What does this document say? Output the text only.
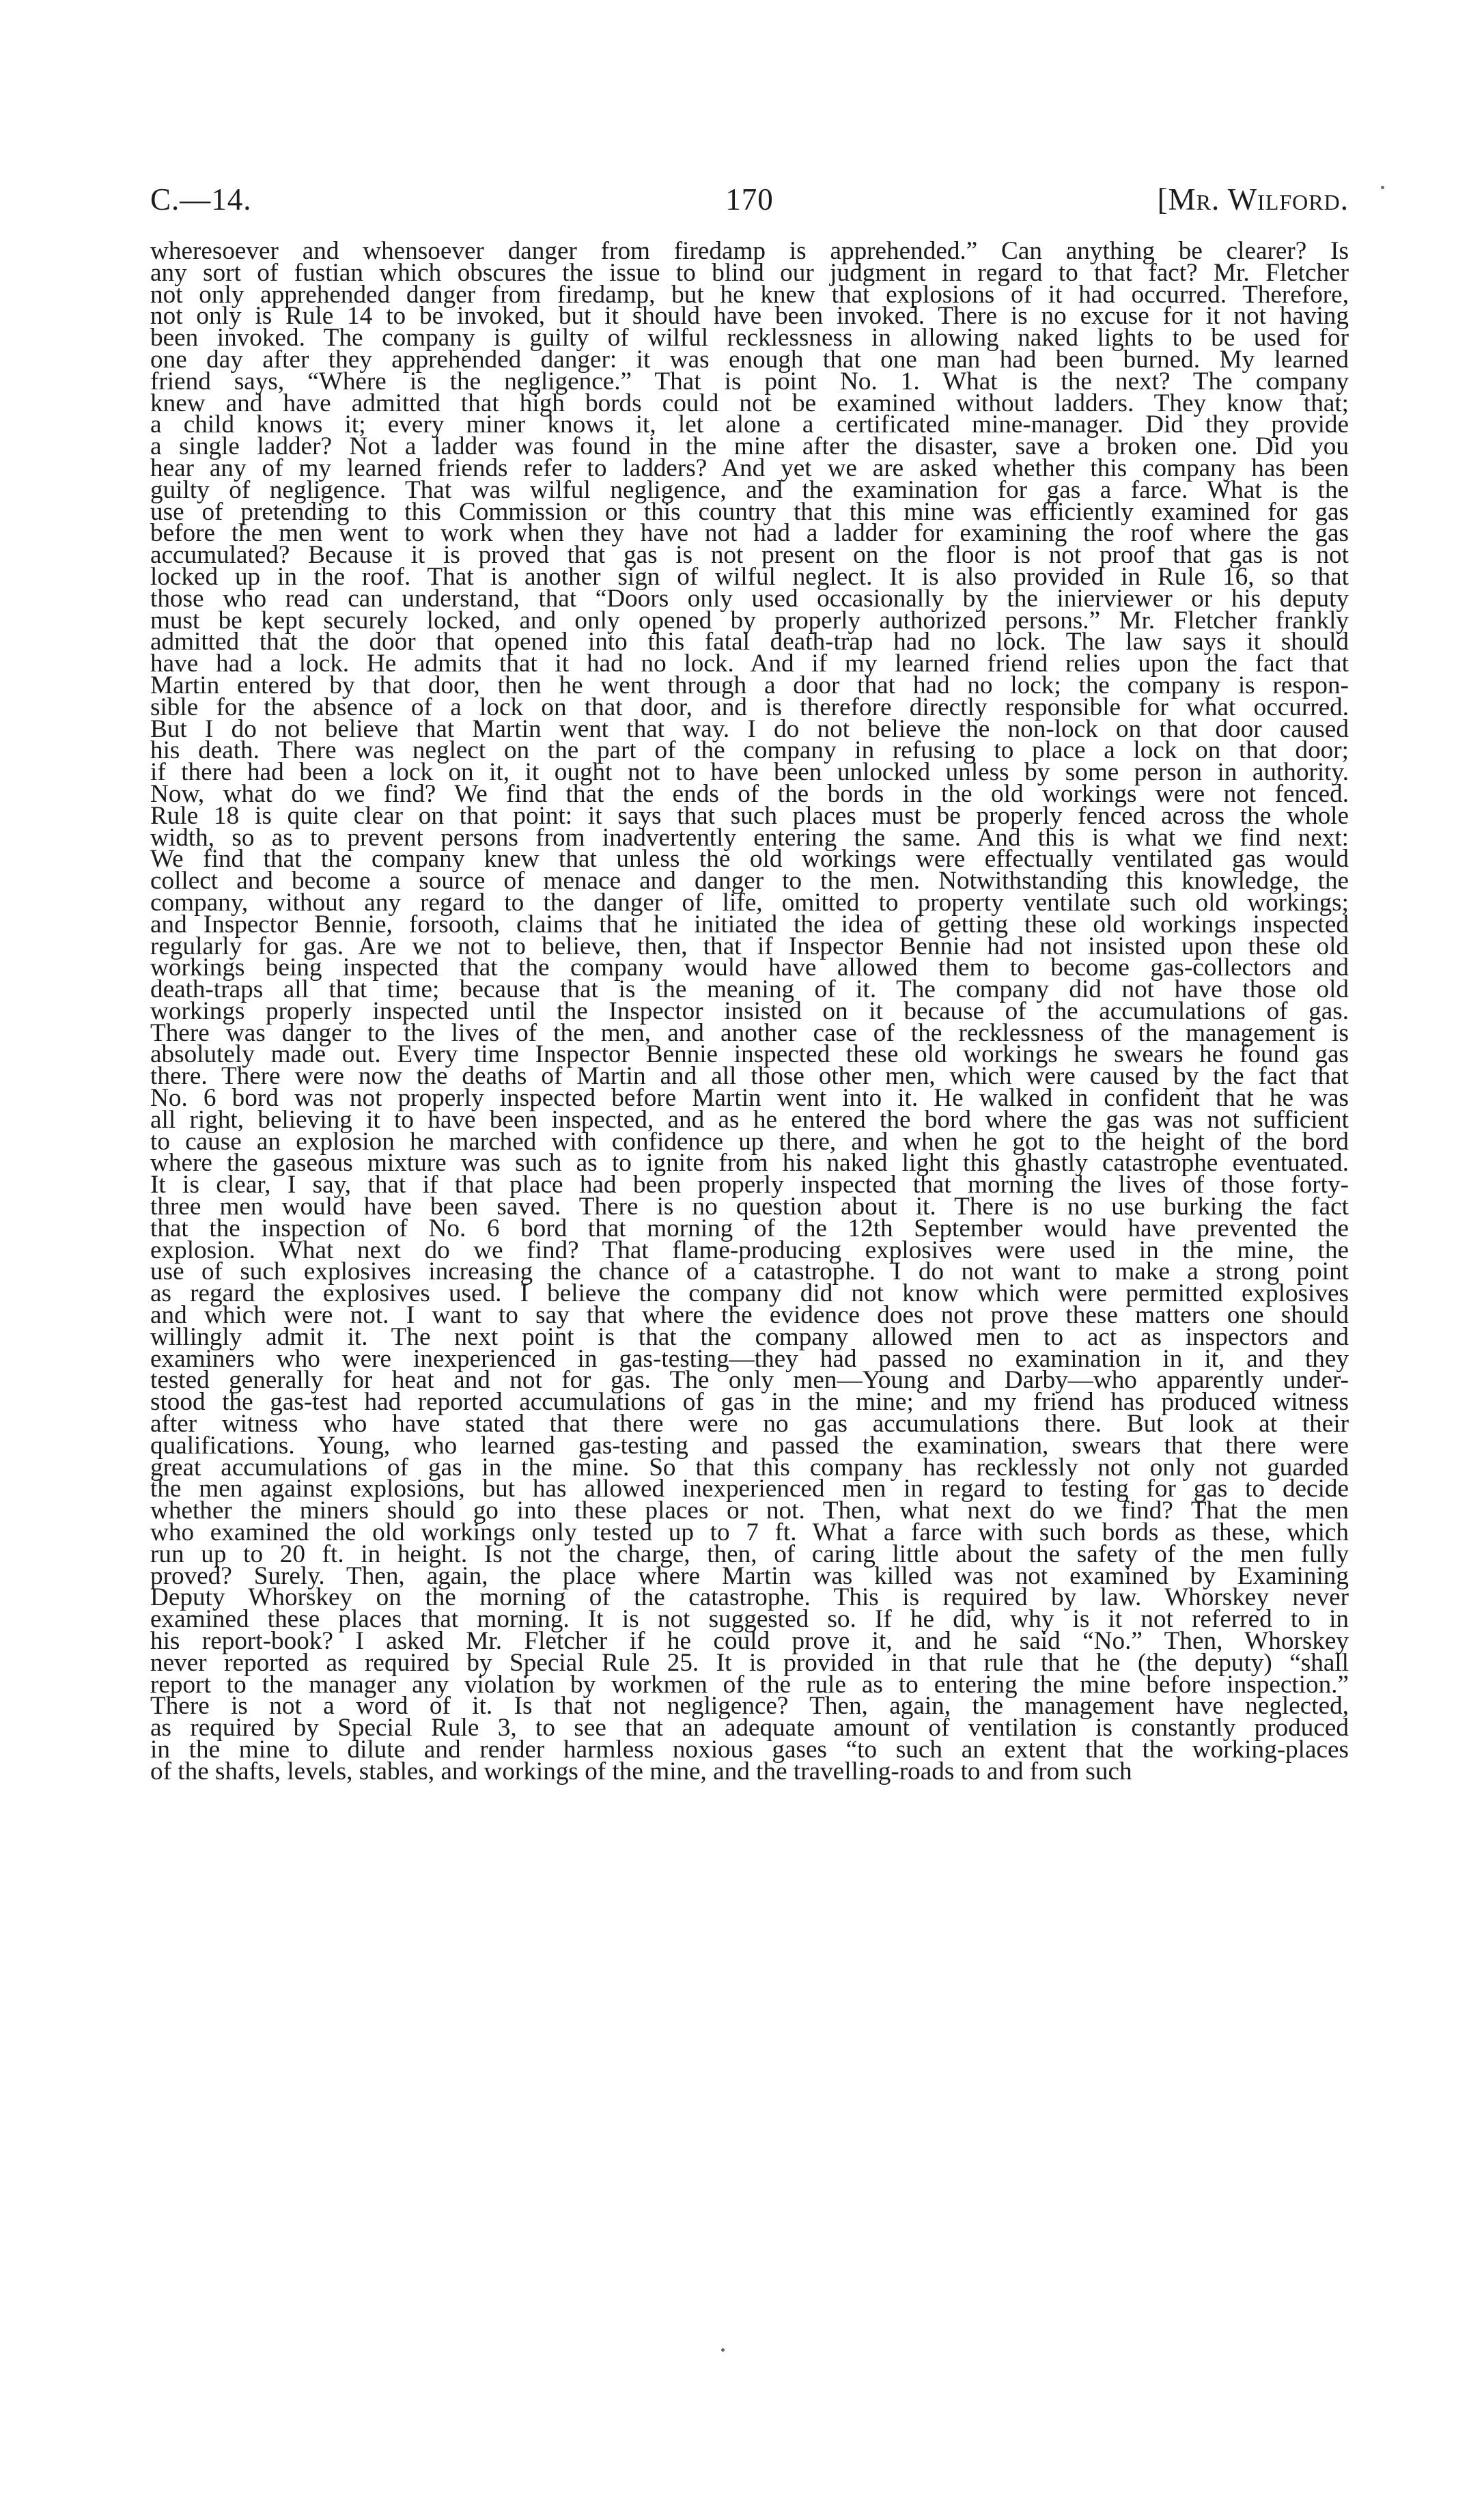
C.—14.	170	[Mr. Wilford.
wheresoever and whensoever danger from firedamp is apprehended.” Can anything be clearer? Is
any sort of fustian which obscures the issue to blind our judgment in regard to that fact? Mr. Fletcher
not only apprehended danger from firedamp, but he knew that explosions of it had occurred. Therefore,
not only is Rule 14 to be invoked, but it should have been invoked. There is no excuse for it not having
been invoked. The company is guilty of wilful recklessness in allowing naked lights to be used for
one day after they apprehended danger: it was enough that one man had been burned. My learned
friend says, “Where is the negligence.” That is point No. 1. What is the next? The company
knew and have admitted that high bords could not be examined without ladders. They know that;
a child knows it; every miner knows it, let alone a certificated mine-manager. Did they provide
a single ladder? Not a ladder was found in the mine after the disaster, save a broken one. Did you
hear any of my learned friends refer to ladders? And yet we are asked whether this company has been
guilty of negligence. That was wilful negligence, and the examination for gas a farce. What is the
use of pretending to this Commission or this country that this mine was efficiently examined for gas
before the men went to work when they have not had a ladder for examining the roof where the gas
accumulated? Because it is proved that gas is not present on the floor is not proof that gas is not
locked up in the roof. That is another sign of wilful neglect. It is also provided in Rule 16, so that
those who read can understand, that “Doors only used occasionally by the inierviewer or his deputy
must be kept securely locked, and only opened by properly authorized persons.” Mr. Fletcher frankly
admitted that the door that opened into this fatal death-trap had no lock. The law says it should
have had a lock. He admits that it had no lock. And if my learned friend relies upon the fact that
Martin entered by that door, then he went through a door that had no lock; the company is respon-
sible for the absence of a lock on that door, and is therefore directly responsible for what occurred.
But I do not believe that Martin went that way. I do not believe the non-lock on that door caused
his death. There was neglect on the part of the company in refusing to place a lock on that door;
if there had been a lock on it, it ought not to have been unlocked unless by some person in authority.
Now, what do we find? We find that the ends of the bords in the old workings were not fenced.
Rule 18 is quite clear on that point: it says that such places must be properly fenced across the whole
width, so as to prevent persons from inadvertently entering the same. And this is what we find next:
We find that the company knew that unless the old workings were effectually ventilated gas would
collect and become a source of menace and danger to the men. Notwithstanding this knowledge, the
company, without any regard to the danger of life, omitted to property ventilate such old workings;
and Inspector Bennie, forsooth, claims that he initiated the idea of getting these old workings inspected
regularly for gas. Are we not to believe, then, that if Inspector Bennie had not insisted upon these old
workings being inspected that the company would have allowed them to become gas-collectors and
death-traps all that time; because that is the meaning of it. The company did not have those old
workings properly inspected until the Inspector insisted on it because of the accumulations of gas.
There was danger to the lives of the men, and another case of the recklessness of the management is
absolutely made out. Every time Inspector Bennie inspected these old workings he swears he found gas
there. There were now the deaths of Martin and all those other men, which were caused by the fact that
No. 6 bord was not properly inspected before Martin went into it. He walked in confident that he was
all right, believing it to have been inspected, and as he entered the bord where the gas was not sufficient
to cause an explosion he marched with confidence up there, and when he got to the height of the bord
where the gaseous mixture was such as to ignite from his naked light this ghastly catastrophe eventuated.
It is clear, I say, that if that place had been properly inspected that morning the lives of those forty-
three men would have been saved. There is no question about it. There is no use burking the fact
that the inspection of No. 6 bord that morning of the 12th September would have prevented the
explosion. What next do we find? That flame-producing explosives were used in the mine, the
use of such explosives increasing the chance of a catastrophe. I do not want to make a strong point
as regard the explosives used. I believe the company did not know which were permitted explosives
and which were not. I want to say that where the evidence does not prove these matters one should
willingly admit it. The next point is that the company allowed men to act as inspectors and
examiners who were inexperienced in gas-testing—they had passed no examination in it, and they
tested generally for heat and not for gas. The only men—Young and Darby—who apparently under-
stood the gas-test had reported accumulations of gas in the mine; and my friend has produced witness
after witness who have stated that there were no gas accumulations there. But look at their
qualifications. Young, who learned gas-testing and passed the examination, swears that there were
great accumulations of gas in the mine. So that this company has recklessly not only not guarded
the men against explosions, but has allowed inexperienced men in regard to testing for gas to decide
whether the miners should go into these places or not. Then, what next do we find? That the men
who examined the old workings only tested up to 7 ft. What a farce with such bords as these, which
run up to 20 ft. in height. Is not the charge, then, of caring little about the safety of the men fully
proved? Surely. Then, again, the place where Martin was killed was not examined by Examining
Deputy Whorskey on the morning of the catastrophe. This is required by law. Whorskey never
examined these places that morning. It is not suggested so. If he did, why is it not referred to in
his report-book? I asked Mr. Fletcher if he could prove it, and he said “No.” Then, Whorskey
never reported as required by Special Rule 25. It is provided in that rule that he (the deputy) “shall
report to the manager any violation by workmen of the rule as to entering the mine before inspection.”
There is not a word of it. Is that not negligence? Then, again, the management have neglected,
as required by Special Rule 3, to see that an adequate amount of ventilation is constantly produced
in the mine to dilute and render harmless noxious gases “to such an extent that the working-places
of the shafts, levels, stables, and workings of the mine, and the travelling-roads to and from such
